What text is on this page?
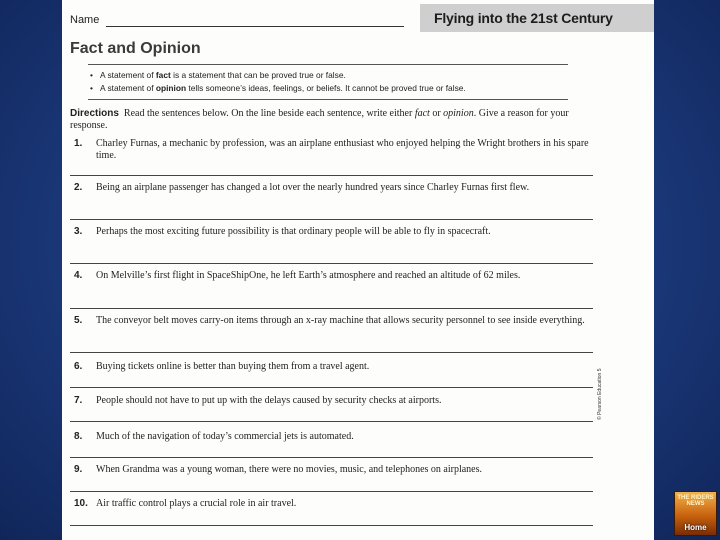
Name	Flying into the 21st Century
Fact and Opinion
• A statement of fact is a statement that can be proved true or false.
• A statement of opinion tells someone’s ideas, feelings, or beliefs. It cannot be proved true or false.
Directions Read the sentences below. On the line beside each sentence, write either fact or opinion. Give a reason for your response.
1. Charley Furnas, a mechanic by profession, was an airplane enthusiast who enjoyed helping the Wright brothers in his spare time.
2. Being an airplane passenger has changed a lot over the nearly hundred years since Charley Furnas first flew.
3. Perhaps the most exciting future possibility is that ordinary people will be able to fly in spacecraft.
4. On Melville’s first flight in SpaceShipOne, he left Earth’s atmosphere and reached an altitude of 62 miles.
5. The conveyor belt moves carry-on items through an x-ray machine that allows security personnel to see inside everything.
6. Buying tickets online is better than buying them from a travel agent.
7. People should not have to put up with the delays caused by security checks at airports.
8. Much of the navigation of today’s commercial jets is automated.
9. When Grandma was a young woman, there were no movies, music, and telephones on airplanes.
10. Air traffic control plays a crucial role in air travel.
© Pearson Education 5
THE RIDERS NEWS
Home
